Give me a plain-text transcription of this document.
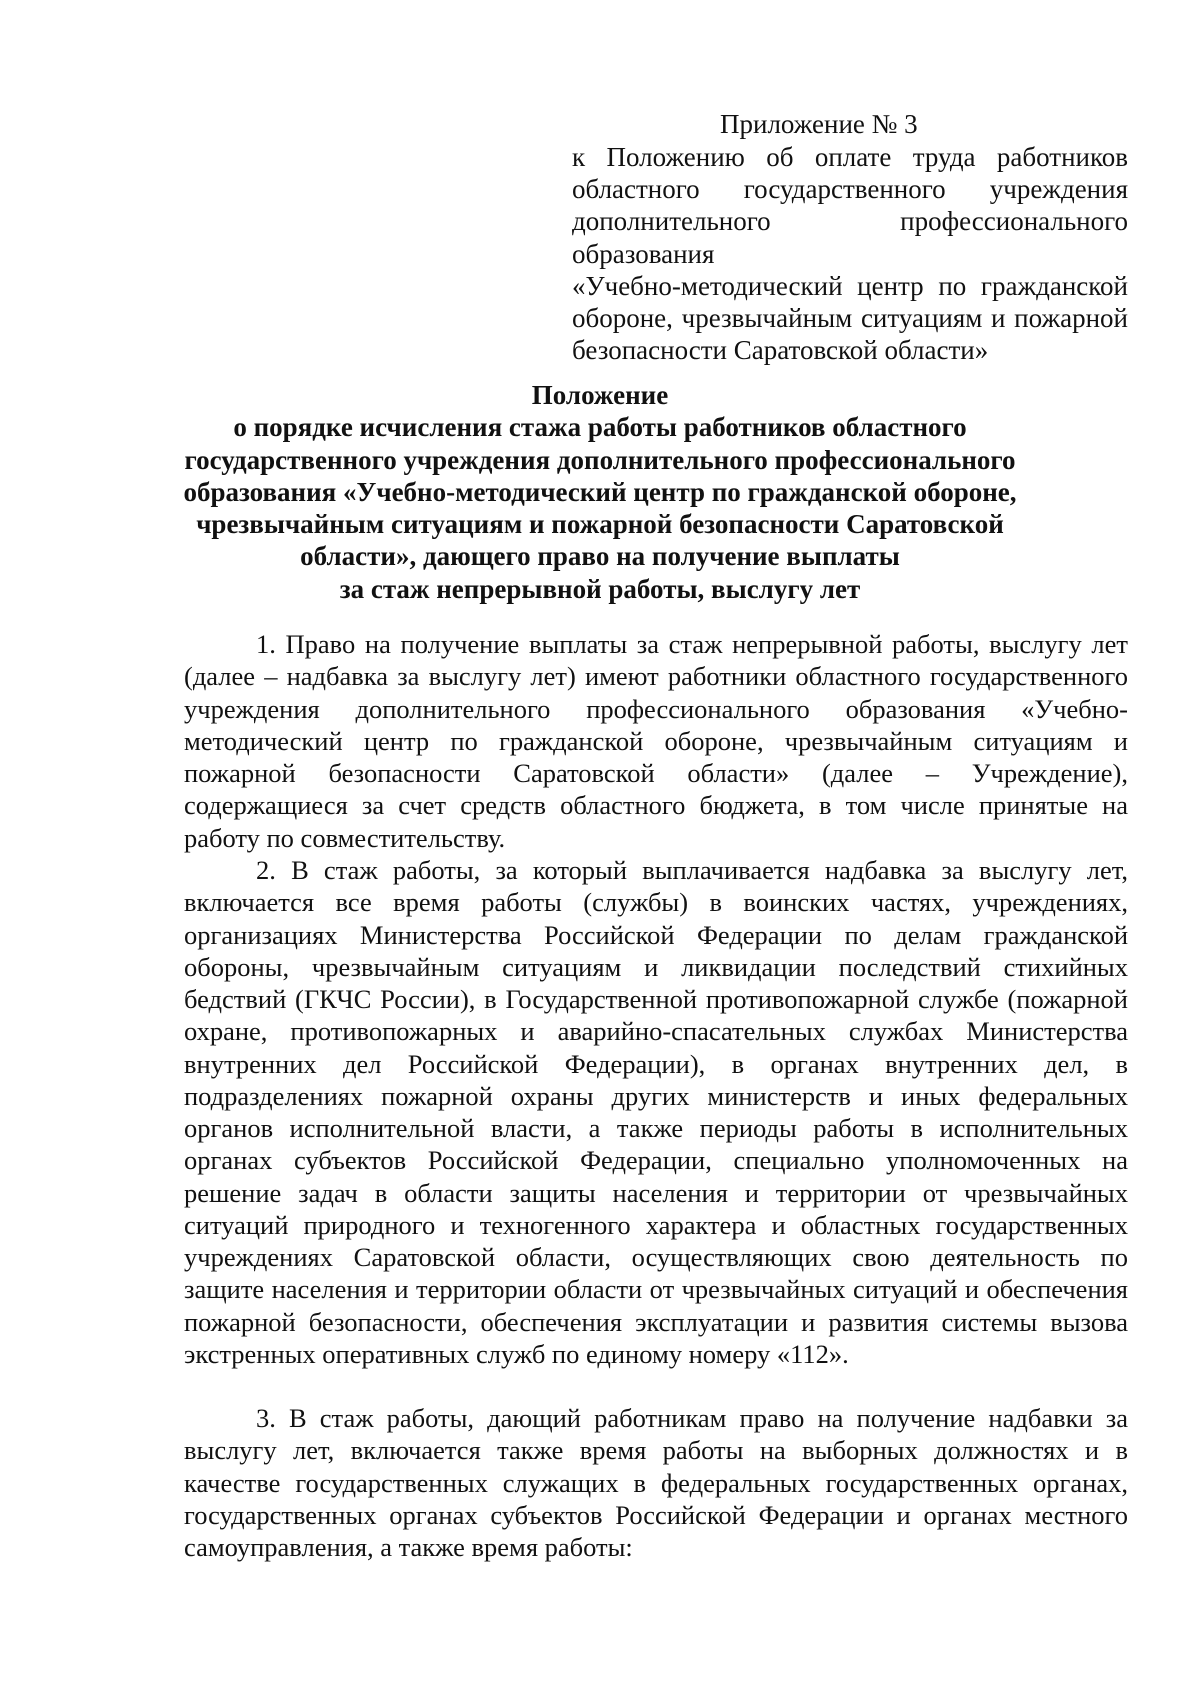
Приложение № 3
к Положению об оплате труда работников
областного государственного учреждения
дополнительного профессионального образования
«Учебно-методический центр по гражданской
обороне, чрезвычайным ситуациям и пожарной
безопасности Саратовской области»
Положение
о порядке исчисления стажа работы работников областного
государственного учреждения дополнительного профессионального
образования «Учебно-методический центр по гражданской обороне,
чрезвычайным ситуациям и пожарной безопасности Саратовской
области», дающего право на получение выплаты
за стаж непрерывной работы, выслугу лет

1. Право на получение выплаты за стаж непрерывной работы, выслугу лет (далее – надбавка за выслугу лет) имеют работники областного государственного учреждения дополнительного профессионального образования «Учебно-методический центр по гражданской обороне, чрезвычайным ситуациям и пожарной безопасности Саратовской области» (далее – Учреждение), содержащиеся за счет средств областного бюджета, в том числе принятые на работу по совместительству.

2. В стаж работы, за который выплачивается надбавка за выслугу лет, включается все время работы (службы) в воинских частях, учреждениях, организациях Министерства Российской Федерации по делам гражданской обороны, чрезвычайным ситуациям и ликвидации последствий стихийных бедствий (ГКЧС России), в Государственной противопожарной службе (пожарной охране, противопожарных и аварийно-спасательных службах Министерства внутренних дел Российской Федерации), в органах внутренних дел, в подразделениях пожарной охраны других министерств и иных федеральных органов исполнительной власти, а также периоды работы в исполнительных органах субъектов Российской Федерации, специально уполномоченных на решение задач в области защиты населения и территории от чрезвычайных ситуаций природного и техногенного характера и областных государственных учреждениях Саратовской области, осуществляющих свою деятельность по защите населения и территории области от чрезвычайных ситуаций и обеспечения пожарной безопасности, обеспечения эксплуатации и развития системы вызова экстренных оперативных служб по единому номеру «112».

3. В стаж работы, дающий работникам право на получение надбавки за выслугу лет, включается также время работы на выборных должностях и в качестве государственных служащих в федеральных государственных органах, государственных органах субъектов Российской Федерации и органах местного самоуправления, а также время работы:
